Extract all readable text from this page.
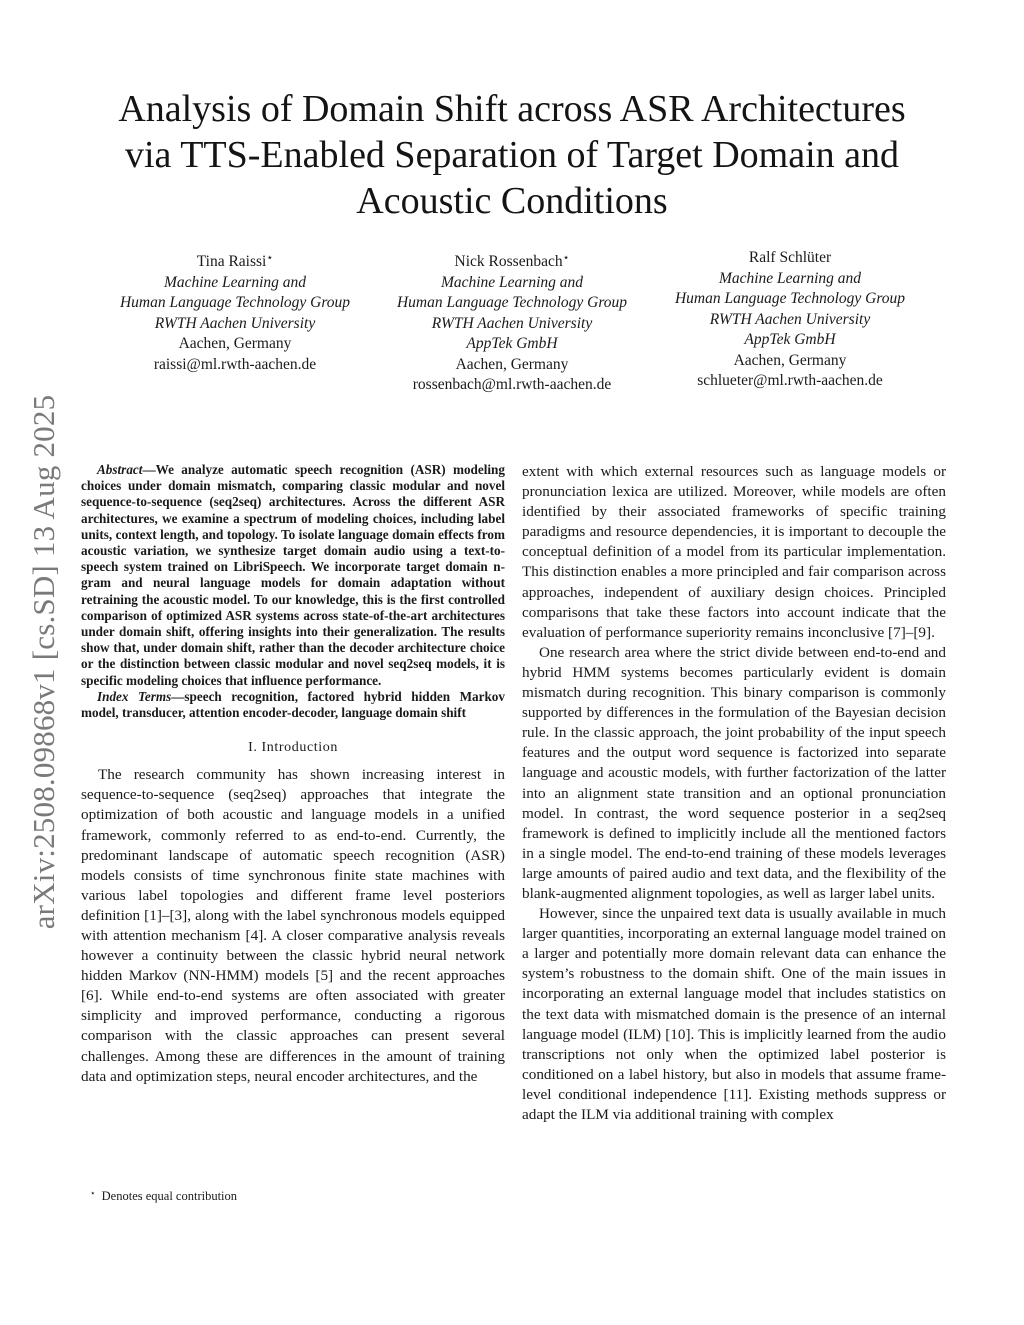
arXiv:2508.09868v1 [cs.SD] 13 Aug 2025
Analysis of Domain Shift across ASR Architectures
via TTS-Enabled Separation of Target Domain and
Acoustic Conditions
Tina Raissi⋆
Machine Learning and
Human Language Technology Group
RWTH Aachen University
Aachen, Germany
raissi@ml.rwth-aachen.de
Nick Rossenbach⋆
Machine Learning and
Human Language Technology Group
RWTH Aachen University
AppTek GmbH
Aachen, Germany
rossenbach@ml.rwth-aachen.de
Ralf Schlüter
Machine Learning and
Human Language Technology Group
RWTH Aachen University
AppTek GmbH
Aachen, Germany
schlueter@ml.rwth-aachen.de

Abstract—We analyze automatic speech recognition (ASR) modeling choices under domain mismatch, comparing classic modular and novel sequence-to-sequence (seq2seq) architectures. Across the different ASR architectures, we examine a spectrum of modeling choices, including label units, context length, and topology. To isolate language domain effects from acoustic variation, we synthesize target domain audio using a text-to-speech system trained on LibriSpeech. We incorporate target domain n-gram and neural language models for domain adaptation without retraining the acoustic model. To our knowledge, this is the first controlled comparison of optimized ASR systems across state-of-the-art architectures under domain shift, offering insights into their generalization. The results show that, under domain shift, rather than the decoder architecture choice or the distinction between classic modular and novel seq2seq models, it is specific modeling choices that influence performance.

Index Terms—speech recognition, factored hybrid hidden Markov model, transducer, attention encoder-decoder, language domain shift

I. Introduction

The research community has shown increasing interest in sequence-to-sequence (seq2seq) approaches that integrate the optimization of both acoustic and language models in a unified framework, commonly referred to as end-to-end. Currently, the predominant landscape of automatic speech recognition (ASR) models consists of time synchronous finite state machines with various label topologies and different frame level posteriors definition [1]–[3], along with the label synchronous models equipped with attention mechanism [4]. A closer comparative analysis reveals however a continuity between the classic hybrid neural network hidden Markov (NN-HMM) models [5] and the recent approaches [6]. While end-to-end systems are often associated with greater simplicity and improved performance, conducting a rigorous comparison with the classic approaches can present several challenges. Among these are differences in the amount of training data and optimization steps, neural encoder architectures, and the

extent with which external resources such as language models or pronunciation lexica are utilized. Moreover, while models are often identified by their associated frameworks of specific training paradigms and resource dependencies, it is important to decouple the conceptual definition of a model from its particular implementation. This distinction enables a more principled and fair comparison across approaches, independent of auxiliary design choices. Principled comparisons that take these factors into account indicate that the evaluation of performance superiority remains inconclusive [7]–[9].

One research area where the strict divide between end-to-end and hybrid HMM systems becomes particularly evident is domain mismatch during recognition. This binary comparison is commonly supported by differences in the formulation of the Bayesian decision rule. In the classic approach, the joint probability of the input speech features and the output word sequence is factorized into separate language and acoustic models, with further factorization of the latter into an alignment state transition and an optional pronunciation model. In contrast, the word sequence posterior in a seq2seq framework is defined to implicitly include all the mentioned factors in a single model. The end-to-end training of these models leverages large amounts of paired audio and text data, and the flexibility of the blank-augmented alignment topologies, as well as larger label units.

However, since the unpaired text data is usually available in much larger quantities, incorporating an external language model trained on a larger and potentially more domain relevant data can enhance the system’s robustness to the domain shift. One of the main issues in incorporating an external language model that includes statistics on the text data with mismatched domain is the presence of an internal language model (ILM) [10]. This is implicitly learned from the audio transcriptions not only when the optimized label posterior is conditioned on a label history, but also in models that assume frame-level conditional independence [11]. Existing methods suppress or adapt the ILM via additional training with complex

⋆ Denotes equal contribution
